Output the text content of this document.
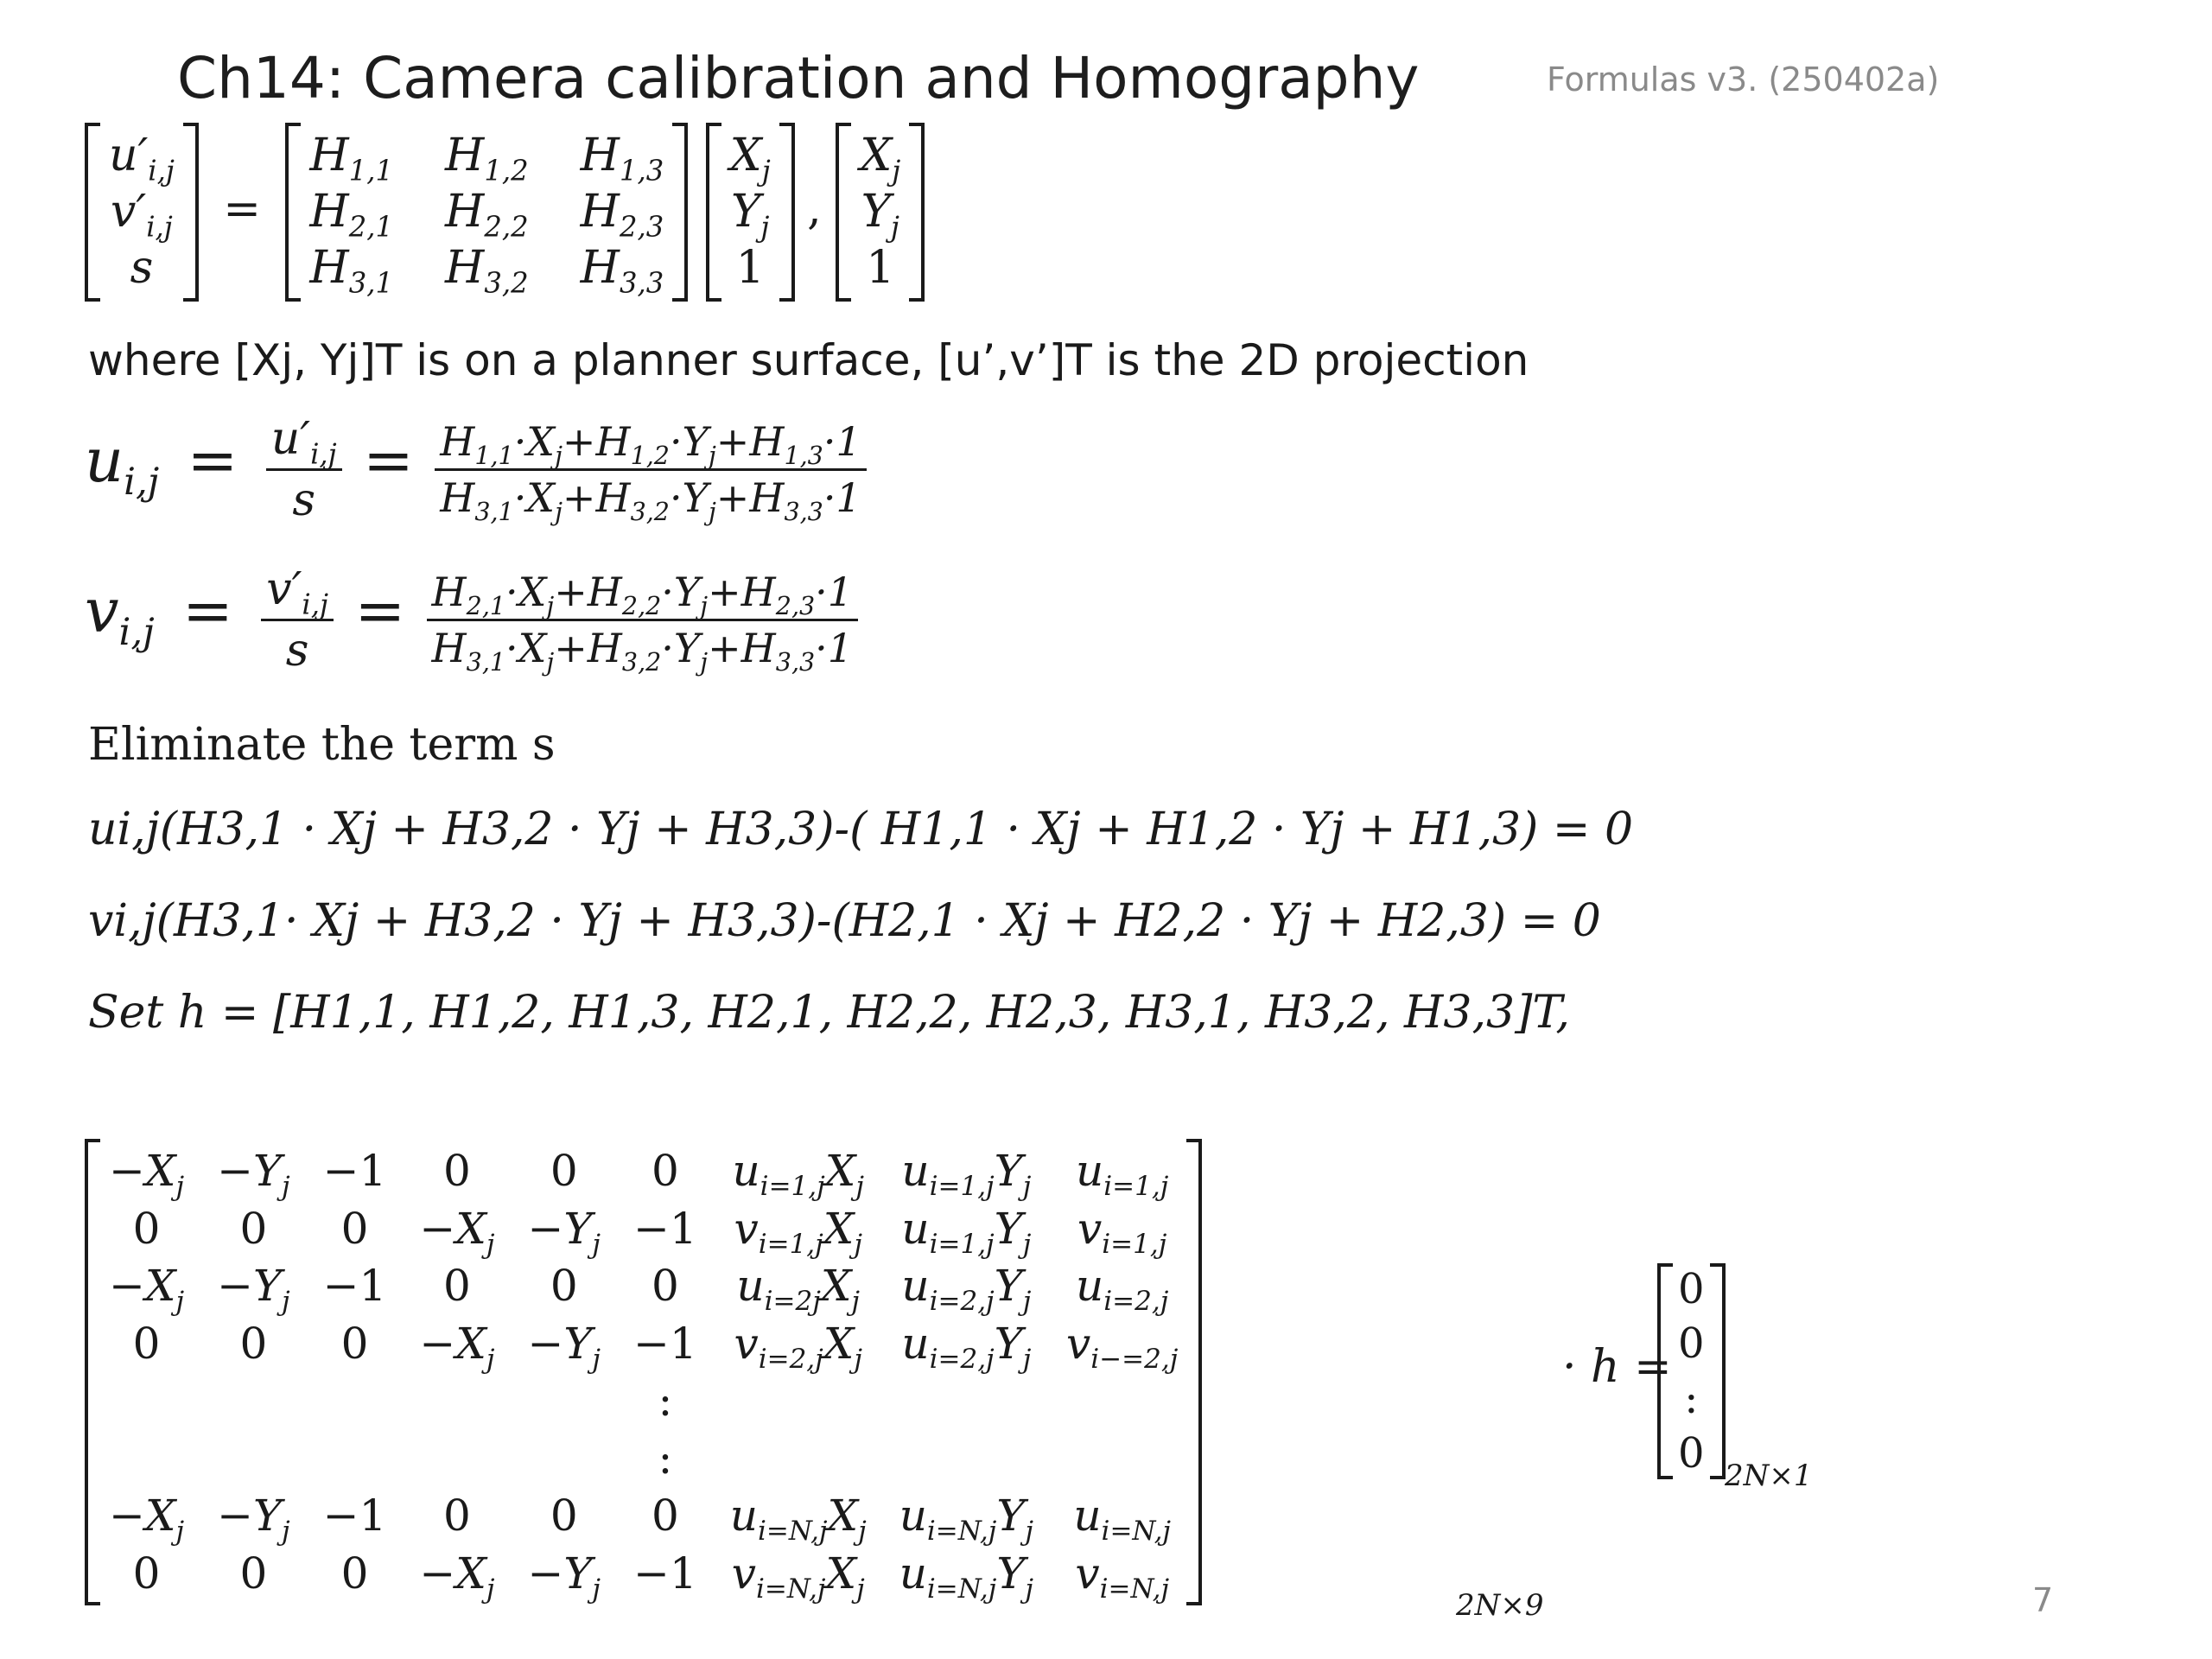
Ch14: Camera calibration and Homography	Formulas v3. (250402a)
$u'_{i,j}$
$v'_{i,j}$
s
=
$H_{1,1}$ $H_{1,2}$ $H_{1,3}$
$H_{2,1}$ $H_{2,2}$ $H_{2,3}$
$H_{3,1}$ $H_{3,2}$ $H_{3,3}$

$X_j$
$Y_j$
1
,
$X_j$
$Y_j$
1
where [Xj, Yj]T is on a planner surface, [u’,v’]T is the 2D projection
$u_{i,j} = \frac{u'_{i,j}}{s} = \frac{H_{1,1}\cdot X_j+H_{1,2}\cdot Y_j+H_{1,3}\cdot 1}{H_{3,1}\cdot X_j+H_{3,2}\cdot Y_j+H_{3,3}\cdot 1}$
$v_{i,j} = \frac{v'_{i,j}}{s} = \frac{H_{2,1}\cdot X_j+H_{2,2}\cdot Y_j+H_{2,3}\cdot 1}{H_{3,1}\cdot X_j+H_{3,2}\cdot Y_j+H_{3,3}\cdot 1}$
Eliminate the term s
ui,j(H3,1 · Xj + H3,2 · Yj + H3,3)-( H1,1 · Xj + H1,2 · Yj + H1,3) = 0
vi,j(H3,1· Xj + H3,2 · Yj + H3,3)-(H2,1 · Xj + H2,2 · Yj + H2,3) = 0
Set h = [H1,1, H1,2, H1,3, H2,1, H2,2, H2,3, H3,1, H3,2, H3,3]T,
$-X_j -Y_j -1$ 0 0 0 $u_{i=1,j}X_j$ $u_{i=1,j}Y_j$ $u_{i=1,j}$
0 0 $0 -X_j -Y_j -1$ $v_{i=1,j}X_j$ $u_{i=1,j}Y_j$ $v_{i=1,j}$
$-X_j -Y_j -1$ 0 0 0 $u_{i=2j}X_j$ $u_{i=2,j}Y_j$ $u_{i=2,j}$
0 0 $0 -X_j -Y_j -1$ $v_{i=2,j}X_j$ $u_{i=2,j}Y_j$ $v_{i-=2,j}$
:
:
$-X_j -Y_j -1$ 0 0 0 $u_{i=N,j}X_j$ $u_{i=N,j}Y_j$ $u_{i=N,j}$
0 0 $0 -X_j -Y_j -1$ $v_{i=N,j}X_j$ $u_{i=N,j}Y_j$ $v_{i=N,j}$	2N×9
· h =
0
0
:
0 2N×1
7
